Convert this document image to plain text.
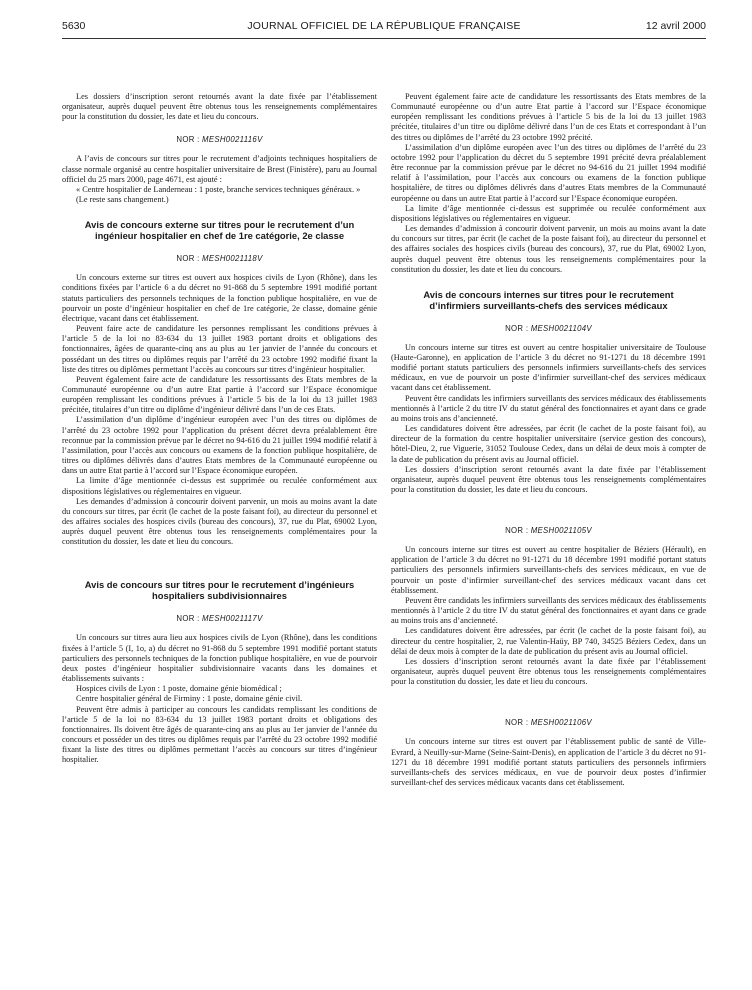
5630	JOURNAL OFFICIEL DE LA RÉPUBLIQUE FRANÇAISE	12 avril 2000

Les dossiers d’inscription seront retournés avant la date fixée par l’établissement organisateur, auprès duquel peuvent être obtenus tous les renseignements complémentaires pour la constitution du dossier, les date et lieu du concours.

NOR : MESH0021116V

A l’avis de concours sur titres pour le recrutement d’adjoints techniques hospitaliers de classe normale organisé au centre hospitalier universitaire de Brest (Finistère), paru au Journal officiel du 25 mars 2000, page 4671, est ajouté :

« Centre hospitalier de Landerneau : 1 poste, branche services techniques généraux. »

(Le reste sans changement.)

Avis de concours externe sur titres pour le recrutement d’un ingénieur hospitalier en chef de 1re catégorie, 2e classe
NOR : MESH0021118V

Un concours externe sur titres est ouvert aux hospices civils de Lyon (Rhône), dans les conditions fixées par l’article 6 a du décret no 91-868 du 5 septembre 1991 modifié portant statuts particuliers des personnels techniques de la fonction publique hospitalière, en vue de pourvoir un poste d’ingénieur hospitalier en chef de 1re catégorie, 2e classe, domaine génie électrique, vacant dans cet établissement.

Peuvent faire acte de candidature les personnes remplissant les conditions prévues à l’article 5 de la loi no 83-634 du 13 juillet 1983 portant droits et obligations des fonctionnaires, âgées de quarante-cinq ans au plus au 1er janvier de l’année du concours et possédant un des titres ou diplômes requis par l’arrêté du 23 octobre 1992 modifié fixant la liste des titres ou diplômes permettant l’accès au concours sur titres d’ingénieur hospitalier.

Peuvent également faire acte de candidature les ressortissants des Etats membres de la Communauté européenne ou d’un autre Etat partie à l’accord sur l’Espace économique européen remplissant les conditions prévues à l’article 5 bis de la loi du 13 juillet 1983 précitée, titulaires d’un titre ou diplôme d’ingénieur délivré dans l’un de ces Etats.

L’assimilation d’un diplôme d’ingénieur européen avec l’un des titres ou diplômes de l’arrêté du 23 octobre 1992 pour l’application du présent décret devra préalablement être reconnue par la commission prévue par le décret no 94-616 du 21 juillet 1994 modifié relatif à l’assimilation, pour l’accès aux concours ou examens de la fonction publique hospitalière, de titres ou diplômes délivrés dans d’autres Etats membres de la Communauté européenne ou dans un autre Etat partie à l’accord sur l’Espace économique européen.

La limite d’âge mentionnée ci-dessus est supprimée ou reculée conformément aux dispositions législatives ou réglementaires en vigueur.

Les demandes d’admission à concourir doivent parvenir, un mois au moins avant la date du concours sur titres, par écrit (le cachet de la poste faisant foi), au directeur du personnel et des affaires sociales des hospices civils (bureau des concours), 37, rue du Plat, 69002 Lyon, auprès duquel peuvent être obtenus tous les renseignements complémentaires pour la constitution du dossier, les date et lieu du concours.

Avis de concours sur titres pour le recrutement d’ingénieurs hospitaliers subdivisionnaires
NOR : MESH0021117V

Un concours sur titres aura lieu aux hospices civils de Lyon (Rhône), dans les conditions fixées à l’article 5 (I, 1o, a) du décret no 91-868 du 5 septembre 1991 modifié portant statuts particuliers des personnels techniques de la fonction publique hospitalière, en vue de pourvoir deux postes d’ingénieur hospitalier subdivisionnaire vacants dans les domaines et établissements suivants :

Hospices civils de Lyon : 1 poste, domaine génie biomédical ;

Centre hospitalier général de Firminy : 1 poste, domaine génie civil.

Peuvent être admis à participer au concours les candidats remplissant les conditions de l’article 5 de la loi no 83-634 du 13 juillet 1983 portant droits et obligations des fonctionnaires. Ils doivent être âgés de quarante-cinq ans au plus au 1er janvier de l’année du concours et posséder un des titres ou diplômes requis par l’arrêté du 23 octobre 1992 modifié fixant la liste des titres ou diplômes permettant l’accès au concours sur titres d’ingénieur hospitalier.

Peuvent également faire acte de candidature les ressortissants des Etats membres de la Communauté européenne ou d’un autre Etat partie à l’accord sur l’Espace économique européen remplissant les conditions prévues à l’article 5 bis de la loi du 13 juillet 1983 précitée, titulaires d’un titre ou diplôme délivré dans l’un de ces Etats et correspondant à l’un des titres ou diplômes de l’arrêté du 23 octobre 1992 précité.

L’assimilation d’un diplôme européen avec l’un des titres ou diplômes de l’arrêté du 23 octobre 1992 pour l’application du décret du 5 septembre 1991 précité devra préalablement être reconnue par la commission prévue par le décret no 94-616 du 21 juillet 1994 modifié relatif à l’assimilation, pour l’accès aux concours ou examens de la fonction publique hospitalière, de titres ou diplômes délivrés dans d’autres Etats membres de la Communauté européenne ou dans un autre Etat partie à l’accord sur l’Espace économique européen.

La limite d’âge mentionnée ci-dessus est supprimée ou reculée conformément aux dispositions législatives ou réglementaires en vigueur.

Les demandes d’admission à concourir doivent parvenir, un mois au moins avant la date du concours sur titres, par écrit (le cachet de la poste faisant foi), au directeur du personnel et des affaires sociales des hospices civils (bureau des concours), 37, rue du Plat, 69002 Lyon, auprès duquel peuvent être obtenus tous les renseignements complémentaires pour la constitution du dossier, les date et lieu du concours.

Avis de concours internes sur titres pour le recrutement d’infirmiers surveillants-chefs des services médicaux
NOR : MESH0021104V

Un concours interne sur titres est ouvert au centre hospitalier universitaire de Toulouse (Haute-Garonne), en application de l’article 3 du décret no 91-1271 du 18 décembre 1991 modifié portant statuts particuliers des personnels infirmiers surveillants-chefs des services médicaux, en vue de pourvoir un poste d’infirmier surveillant-chef des services médicaux vacant dans cet établissement.

Peuvent être candidats les infirmiers surveillants des services médicaux des établissements mentionnés à l’article 2 du titre IV du statut général des fonctionnaires et ayant dans ce grade au moins trois ans d’ancienneté.

Les candidatures doivent être adressées, par écrit (le cachet de la poste faisant foi), au directeur de la formation du centre hospitalier universitaire (service gestion des concours), hôtel-Dieu, 2, rue Viguerie, 31052 Toulouse Cedex, dans un délai de deux mois à compter de la date de publication du présent avis au Journal officiel.

Les dossiers d’inscription seront retournés avant la date fixée par l’établissement organisateur, auprès duquel peuvent être obtenus tous les renseignements complémentaires pour la constitution du dossier, les date et lieu du concours.

NOR : MESH0021105V

Un concours interne sur titres est ouvert au centre hospitalier de Béziers (Hérault), en application de l’article 3 du décret no 91-1271 du 18 décembre 1991 modifié portant statuts particuliers des personnels infirmiers surveillants-chefs des services médicaux, en vue de pourvoir un poste d’infirmier surveillant-chef des services médicaux vacant dans cet établissement.

Peuvent être candidats les infirmiers surveillants des services médicaux des établissements mentionnés à l’article 2 du titre IV du statut général des fonctionnaires et ayant dans ce grade au moins trois ans d’ancienneté.

Les candidatures doivent être adressées, par écrit (le cachet de la poste faisant foi), au directeur du centre hospitalier, 2, rue Valentin-Haüy, BP 740, 34525 Béziers Cedex, dans un délai de deux mois à compter de la date de publication du présent avis au Journal officiel.

Les dossiers d’inscription seront retournés avant la date fixée par l’établissement organisateur, auprès duquel peuvent être obtenus tous les renseignements complémentaires pour la constitution du dossier, les date et lieu du concours.

NOR : MESH0021106V

Un concours interne sur titres est ouvert par l’établissement public de santé de Ville-Evrard, à Neuilly-sur-Marne (Seine-Saint-Denis), en application de l’article 3 du décret no 91-1271 du 18 décembre 1991 modifié portant statuts particuliers des personnels infirmiers surveillants-chefs des services médicaux, en vue de pourvoir deux postes d’infirmier surveillant-chef des services médicaux vacants dans cet établissement.
